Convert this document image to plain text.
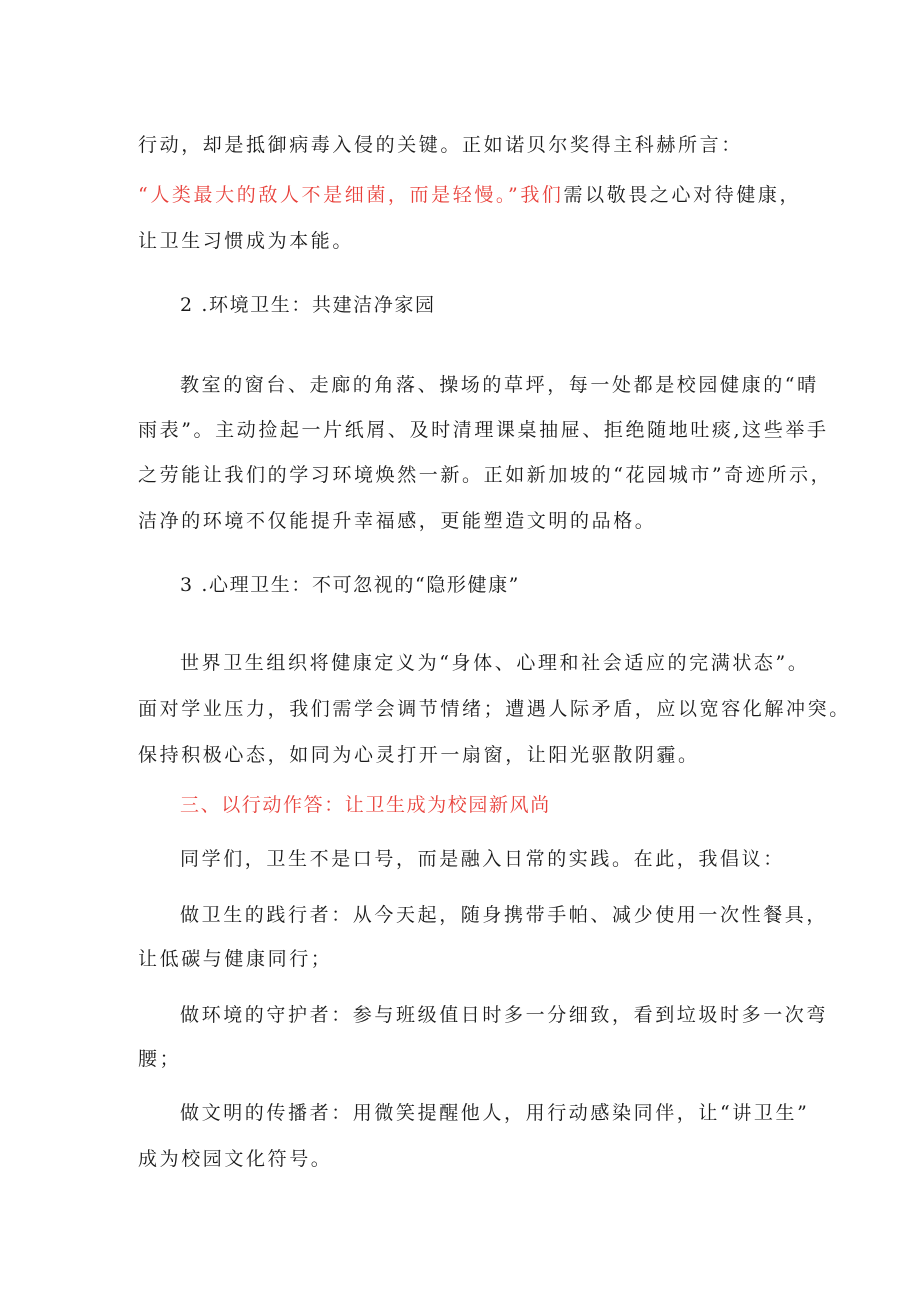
行动，却是抵御病毒入侵的关键。正如诺贝尔奖得主科赫所言：
“人类最大的敌人不是细菌，而是轻慢。”我们需以敬畏之心对待健康，
让卫生习惯成为本能。
2 .环境卫生：共建洁净家园
教室的窗台、走廊的角落、操场的草坪，每一处都是校园健康的“晴
雨表”。主动捡起一片纸屑、及时清理课桌抽屉、拒绝随地吐痰,这些举手
之劳能让我们的学习环境焕然一新。正如新加坡的“花园城市”奇迹所示，
洁净的环境不仅能提升幸福感，更能塑造文明的品格。
3 .心理卫生：不可忽视的“隐形健康”
世界卫生组织将健康定义为“身体、心理和社会适应的完满状态”。
面对学业压力，我们需学会调节情绪；遭遇人际矛盾，应以宽容化解冲突。
保持积极心态，如同为心灵打开一扇窗，让阳光驱散阴霾。
三、以行动作答：让卫生成为校园新风尚
同学们，卫生不是口号，而是融入日常的实践。在此，我倡议：
做卫生的践行者：从今天起，随身携带手帕、减少使用一次性餐具，
让低碳与健康同行；
做环境的守护者：参与班级值日时多一分细致，看到垃圾时多一次弯
腰；
做文明的传播者：用微笑提醒他人，用行动感染同伴，让“讲卫生”
成为校园文化符号。
